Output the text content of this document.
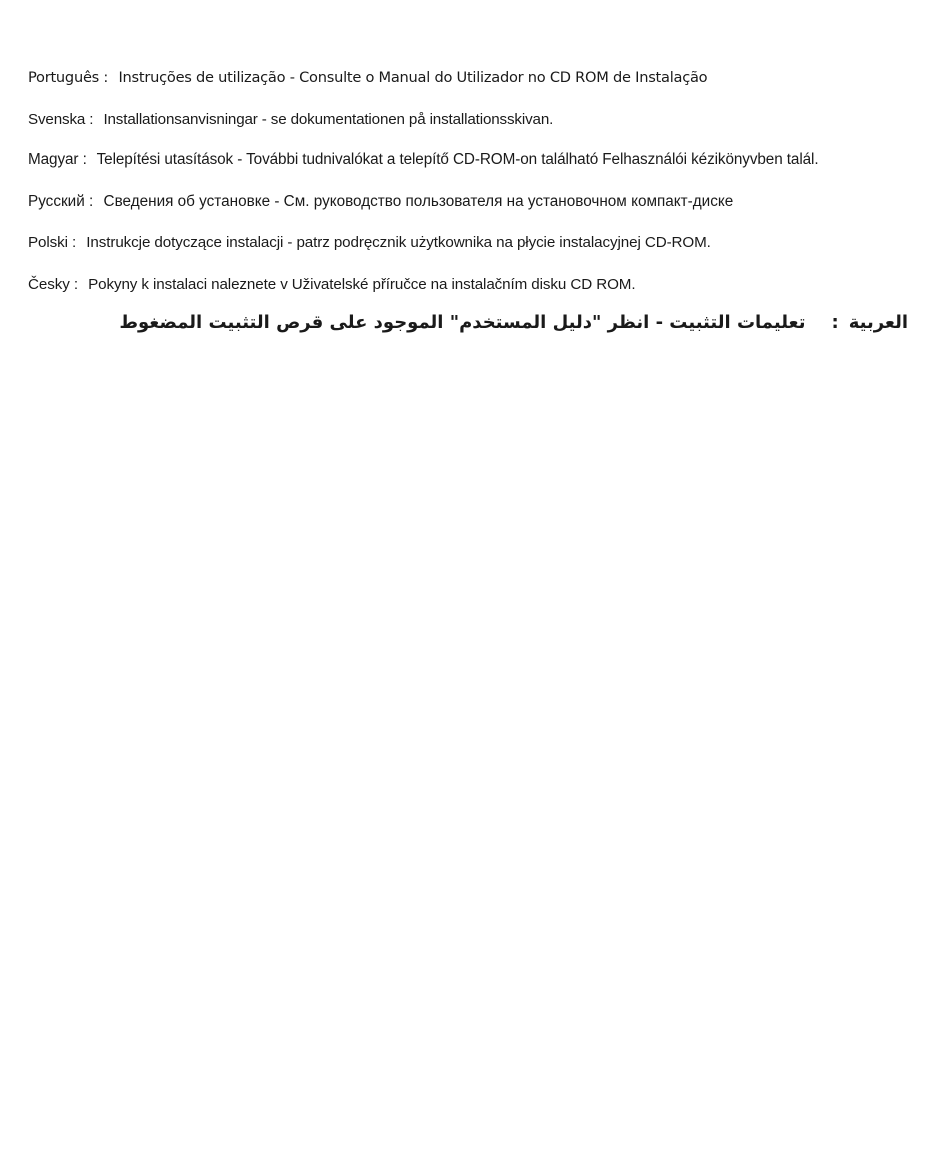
Português : Instruções de utilização - Consulte o Manual do Utilizador no CD ROM de Instalação
Svenska : Installationsanvisningar - se dokumentationen på installationsskivan.
Magyar : Telepítési utasítások - További tudnivalókat a telepítő CD-ROM-on található Felhasználói kézikönyvben talál.
Русский : Сведения об установке - См. руководство пользователя на установочном компакт-диске
Polski : Instrukcje dotyczące instalacji - patrz podręcznik użytkownika na płycie instalacyjnej CD-ROM.
Česky : Pokyny k instalaci naleznete v Uživatelské příručce na instalačním disku CD ROM.
العربية:تعليمات التثبيت - انظر "دليل المستخدم" الموجود على قرص التثبيت المضغوط
